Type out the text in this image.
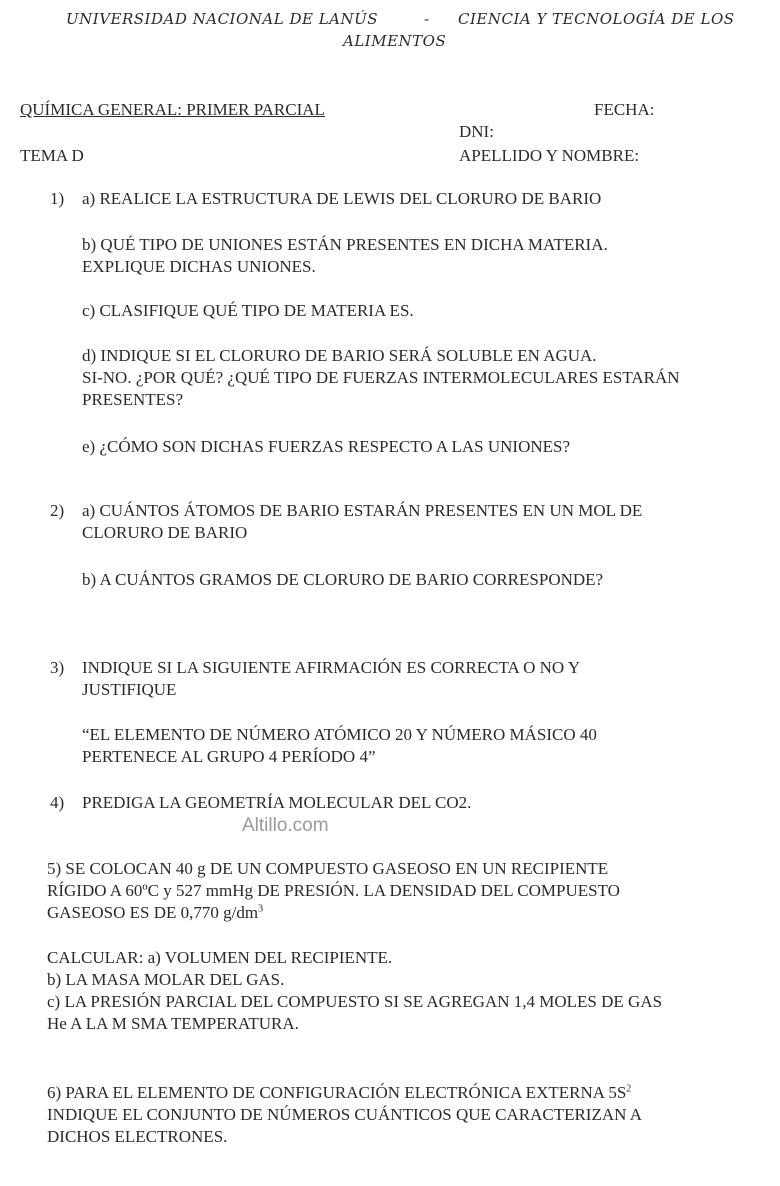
UNIVERSIDAD NACIONAL DE LANÚS	- CIENCIA Y TECNOLOGÍA DE LOS
ALIMENTOS
QUÍMICA GENERAL: PRIMER PARCIAL	FECHA:
DNI:
TEMA D	APELLIDO Y NOMBRE:
1) a) REALICE LA ESTRUCTURA DE LEWIS DEL CLORURO DE BARIO
b) QUÉ TIPO DE UNIONES ESTÁN PRESENTES EN DICHA MATERIA.
EXPLIQUE DICHAS UNIONES.
c) CLASIFIQUE QUÉ TIPO DE MATERIA ES.
d) INDIQUE SI EL CLORURO DE BARIO SERÁ SOLUBLE EN AGUA.
SI-NO. ¿POR QUÉ? ¿QUÉ TIPO DE FUERZAS INTERMOLECULARES ESTARÁN
PRESENTES?
e) ¿CÓMO SON DICHAS FUERZAS RESPECTO A LAS UNIONES?
2) a) CUÁNTOS ÁTOMOS DE BARIO ESTARÁN PRESENTES EN UN MOL DE
CLORURO DE BARIO
b) A CUÁNTOS GRAMOS DE CLORURO DE BARIO CORRESPONDE?
3) INDIQUE SI LA SIGUIENTE AFIRMACIÓN ES CORRECTA O NO Y
JUSTIFIQUE
“EL ELEMENTO DE NÚMERO ATÓMICO 20 Y NÚMERO MÁSICO 40
PERTENECE AL GRUPO 4 PERÍODO 4”
4) PREDIGA LA GEOMETRÍA MOLECULAR DEL CO2.
Altillo.com
5) SE COLOCAN 40 g DE UN COMPUESTO GASEOSO EN UN RECIPIENTE
RÍGIDO A 60ºC y 527 mmHg DE PRESIÓN. LA DENSIDAD DEL COMPUESTO
GASEOSO ES DE 0,770 $g/dm^3$
CALCULAR: a) VOLUMEN DEL RECIPIENTE.
b) LA MASA MOLAR DEL GAS.
c) LA PRESIÓN PARCIAL DEL COMPUESTO SI SE AGREGAN 1,4 MOLES DE GAS
He A LA M SMA TEMPERATURA.
6) PARA EL ELEMENTO DE CONFIGURACIÓN ELECTRÓNICA EXTERNA $5S^2$
INDIQUE EL CONJUNTO DE NÚMEROS CUÁNTICOS QUE CARACTERIZAN A
DICHOS ELECTRONES.
